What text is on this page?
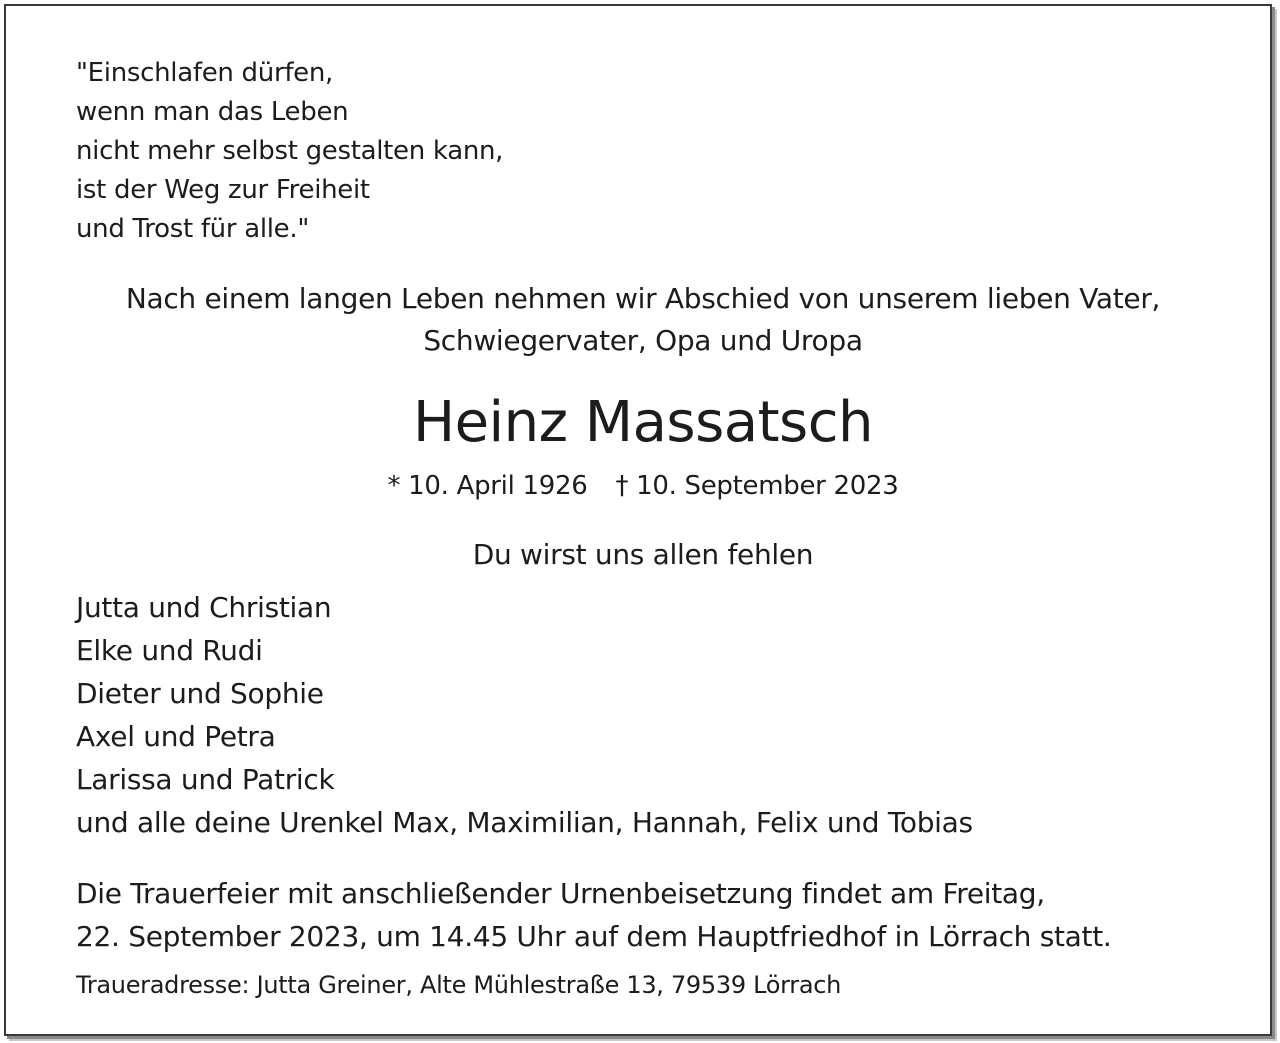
"Einschlafen dürfen,
wenn man das Leben
nicht mehr selbst gestalten kann,
ist der Weg zur Freiheit
und Trost für alle."
Nach einem langen Leben nehmen wir Abschied von unserem lieben Vater,
Schwiegervater, Opa und Uropa
Heinz Massatsch
* 10. April 1926 † 10. September 2023
Du wirst uns allen fehlen
Jutta und Christian
Elke und Rudi
Dieter und Sophie
Axel und Petra
Larissa und Patrick
und alle deine Urenkel Max, Maximilian, Hannah, Felix und Tobias
Die Trauerfeier mit anschließender Urnenbeisetzung findet am Freitag,
22. September 2023, um 14.45 Uhr auf dem Hauptfriedhof in Lörrach statt.
Traueradresse: Jutta Greiner, Alte Mühlestraße 13, 79539 Lörrach
